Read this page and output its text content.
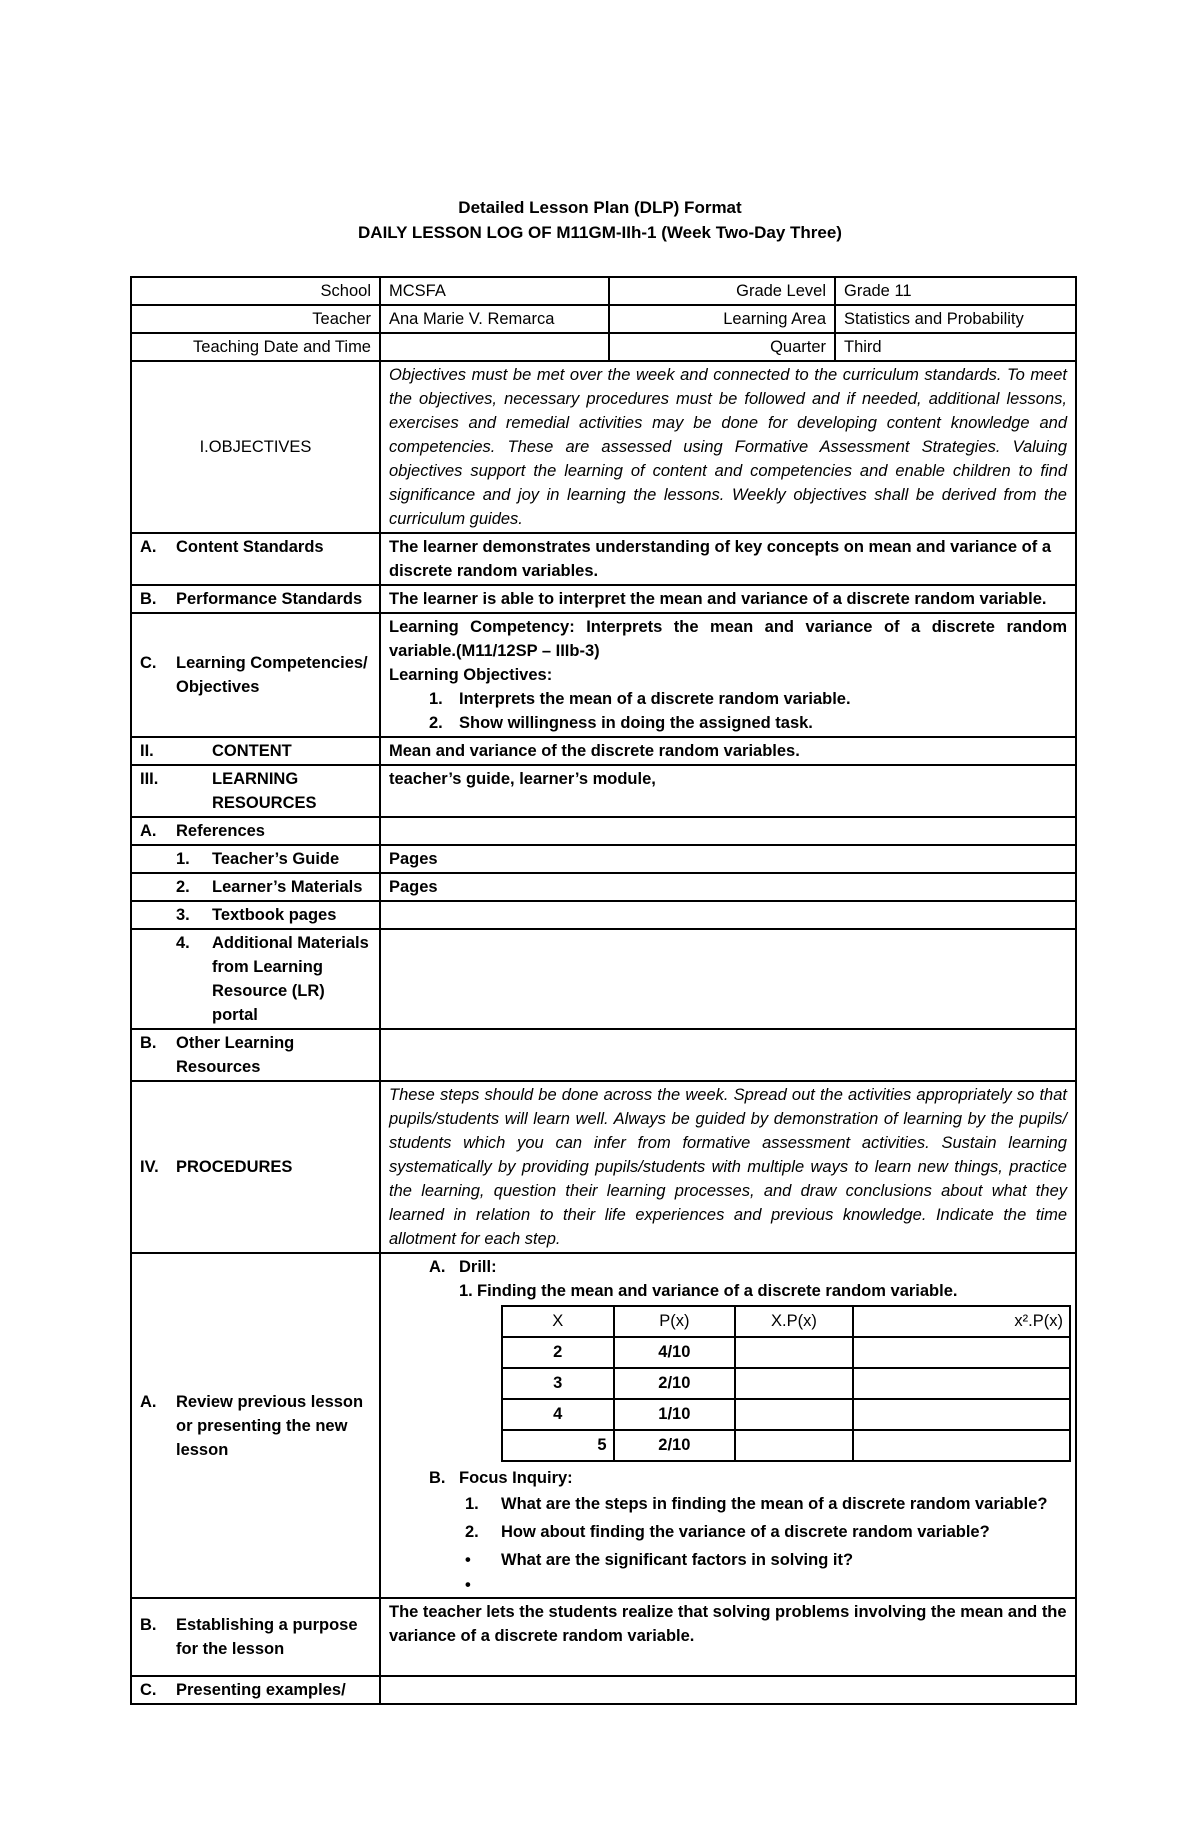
Detailed Lesson Plan (DLP) Format
DAILY LESSON LOG OF M11GM-IIh-1 (Week Two-Day Three)
School	MCSFA	Grade Level	Grade 11
Teacher	Ana Marie V. Remarca	Learning Area	Statistics and Probability
Teaching Date and Time		Quarter	Third
I.OBJECTIVES	Objectives must be met over the week and connected to the curriculum standards. To meet the objectives, necessary procedures must be followed and if needed, additional lessons, exercises and remedial activities may be done for developing content knowledge and competencies. These are assessed using Formative Assessment Strategies. Valuing objectives support the learning of content and competencies and enable children to find significance and joy in learning the lessons. Weekly objectives shall be derived from the curriculum guides.

A.	Content Standards	The learner demonstrates understanding of key concepts on mean and variance of a discrete random variables.

B.	Performance Standards	The learner is able to interpret the mean and variance of a discrete random variable.

C.	Learning Competencies/ Objectives

Learning Competency: Interprets the mean and variance of a discrete random variable.(M11/12SP – IIIb-3)
Learning Objectives:
1. Interprets the mean of a discrete random variable.
2. Show willingness in doing the assigned task.

II.	CONTENT	Mean and variance of the discrete random variables.

III.	LEARNING RESOURCES
	teacher’s guide, learner’s module,

A.	References

1.	Teacher’s Guide	Pages

2.	Learner’s Materials	Pages

3.	Textbook pages

4.	Additional Materials from Learning Resource (LR) portal

B.	Other Learning Resources

IV.	PROCEDURES
	These steps should be done across the week. Spread out the activities appropriately so that pupils/students will learn well. Always be guided by demonstration of learning by the pupils/ students which you can infer from formative assessment activities. Sustain learning systematically by providing pupils/students with multiple ways to learn new things, practice the learning, question their learning processes, and draw conclusions about what they learned in relation to their life experiences and previous knowledge. Indicate the time allotment for each step.

A.	Review previous lesson or presenting the new lesson

A. Drill:
1. Finding the mean and variance of a discrete random variable.
X	P(x)	X.P(x)	x².P(x)
2	4/10		
3	2/10		
4	1/10		
5	2/10		
B. Focus Inquiry:
1.	What are the steps in finding the mean of a discrete random variable?
2.	How about finding the variance of a discrete random variable?
•	What are the significant factors in solving it?
•

B.	Establishing a purpose for the lesson
	The teacher lets the students realize that solving problems involving the mean and the variance of a discrete random variable.

C.	Presenting examples/
